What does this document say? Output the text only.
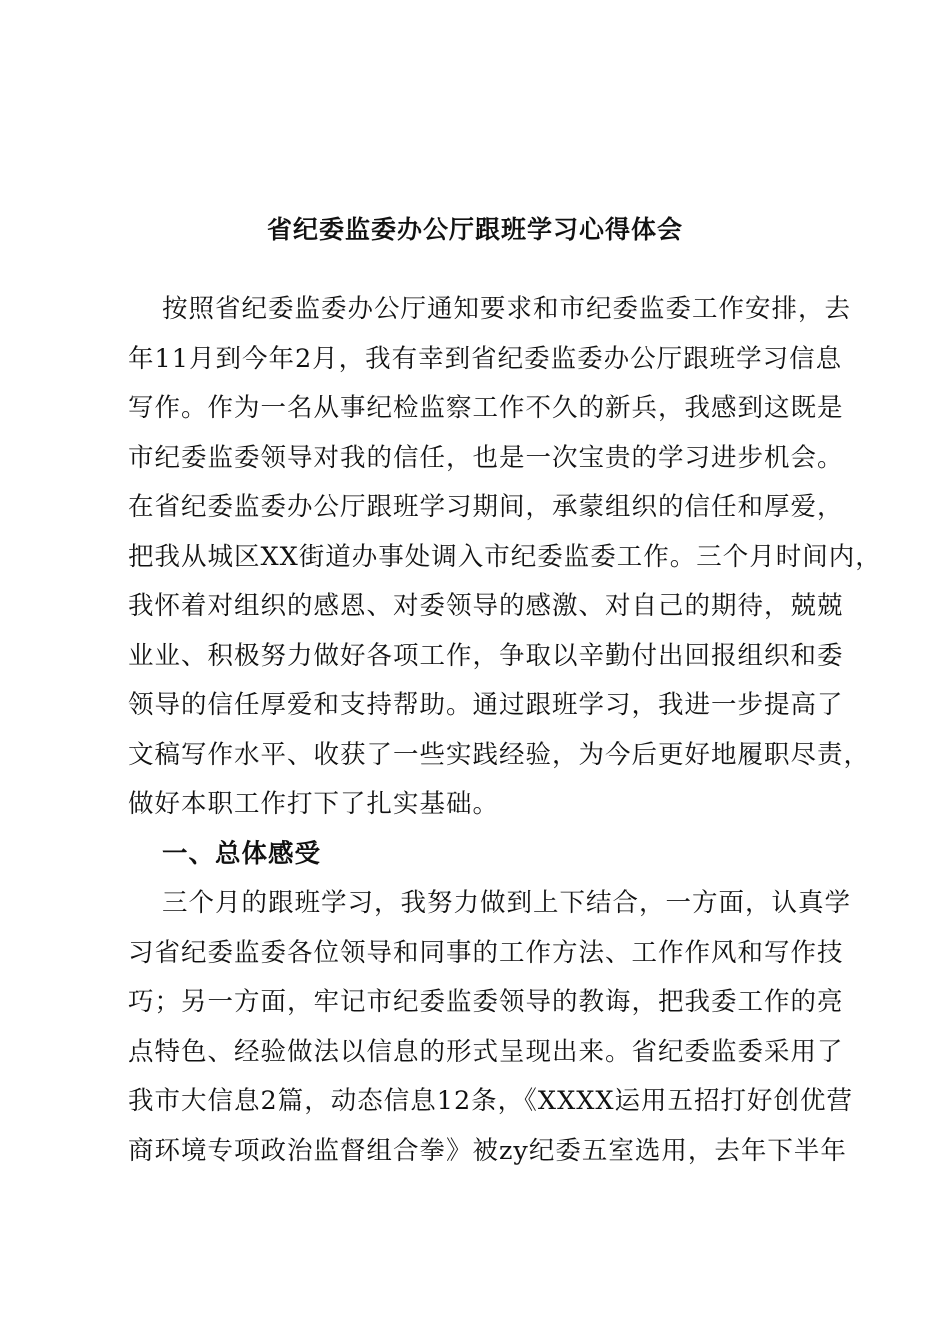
省纪委监委办公厅跟班学习心得体会
按照省纪委监委办公厅通知要求和市纪委监委工作安排，去
年11月到今年2月，我有幸到省纪委监委办公厅跟班学习信息
写作。作为一名从事纪检监察工作不久的新兵，我感到这既是
市纪委监委领导对我的信任，也是一次宝贵的学习进步机会。
在省纪委监委办公厅跟班学习期间，承蒙组织的信任和厚爱，
把我从城区XX街道办事处调入市纪委监委工作。三个月时间内，
我怀着对组织的感恩、对委领导的感激、对自己的期待，兢兢
业业、积极努力做好各项工作，争取以辛勤付出回报组织和委
领导的信任厚爱和支持帮助。通过跟班学习，我进一步提高了
文稿写作水平、收获了一些实践经验，为今后更好地履职尽责，
做好本职工作打下了扎实基础。
一、总体感受
三个月的跟班学习，我努力做到上下结合，一方面，认真学
习省纪委监委各位领导和同事的工作方法、工作作风和写作技
巧；另一方面，牢记市纪委监委领导的教诲，把我委工作的亮
点特色、经验做法以信息的形式呈现出来。省纪委监委采用了
我市大信息2篇，动态信息12条，《XXXX运用五招打好创优营
商环境专项政治监督组合拳》被zy纪委五室选用，去年下半年
